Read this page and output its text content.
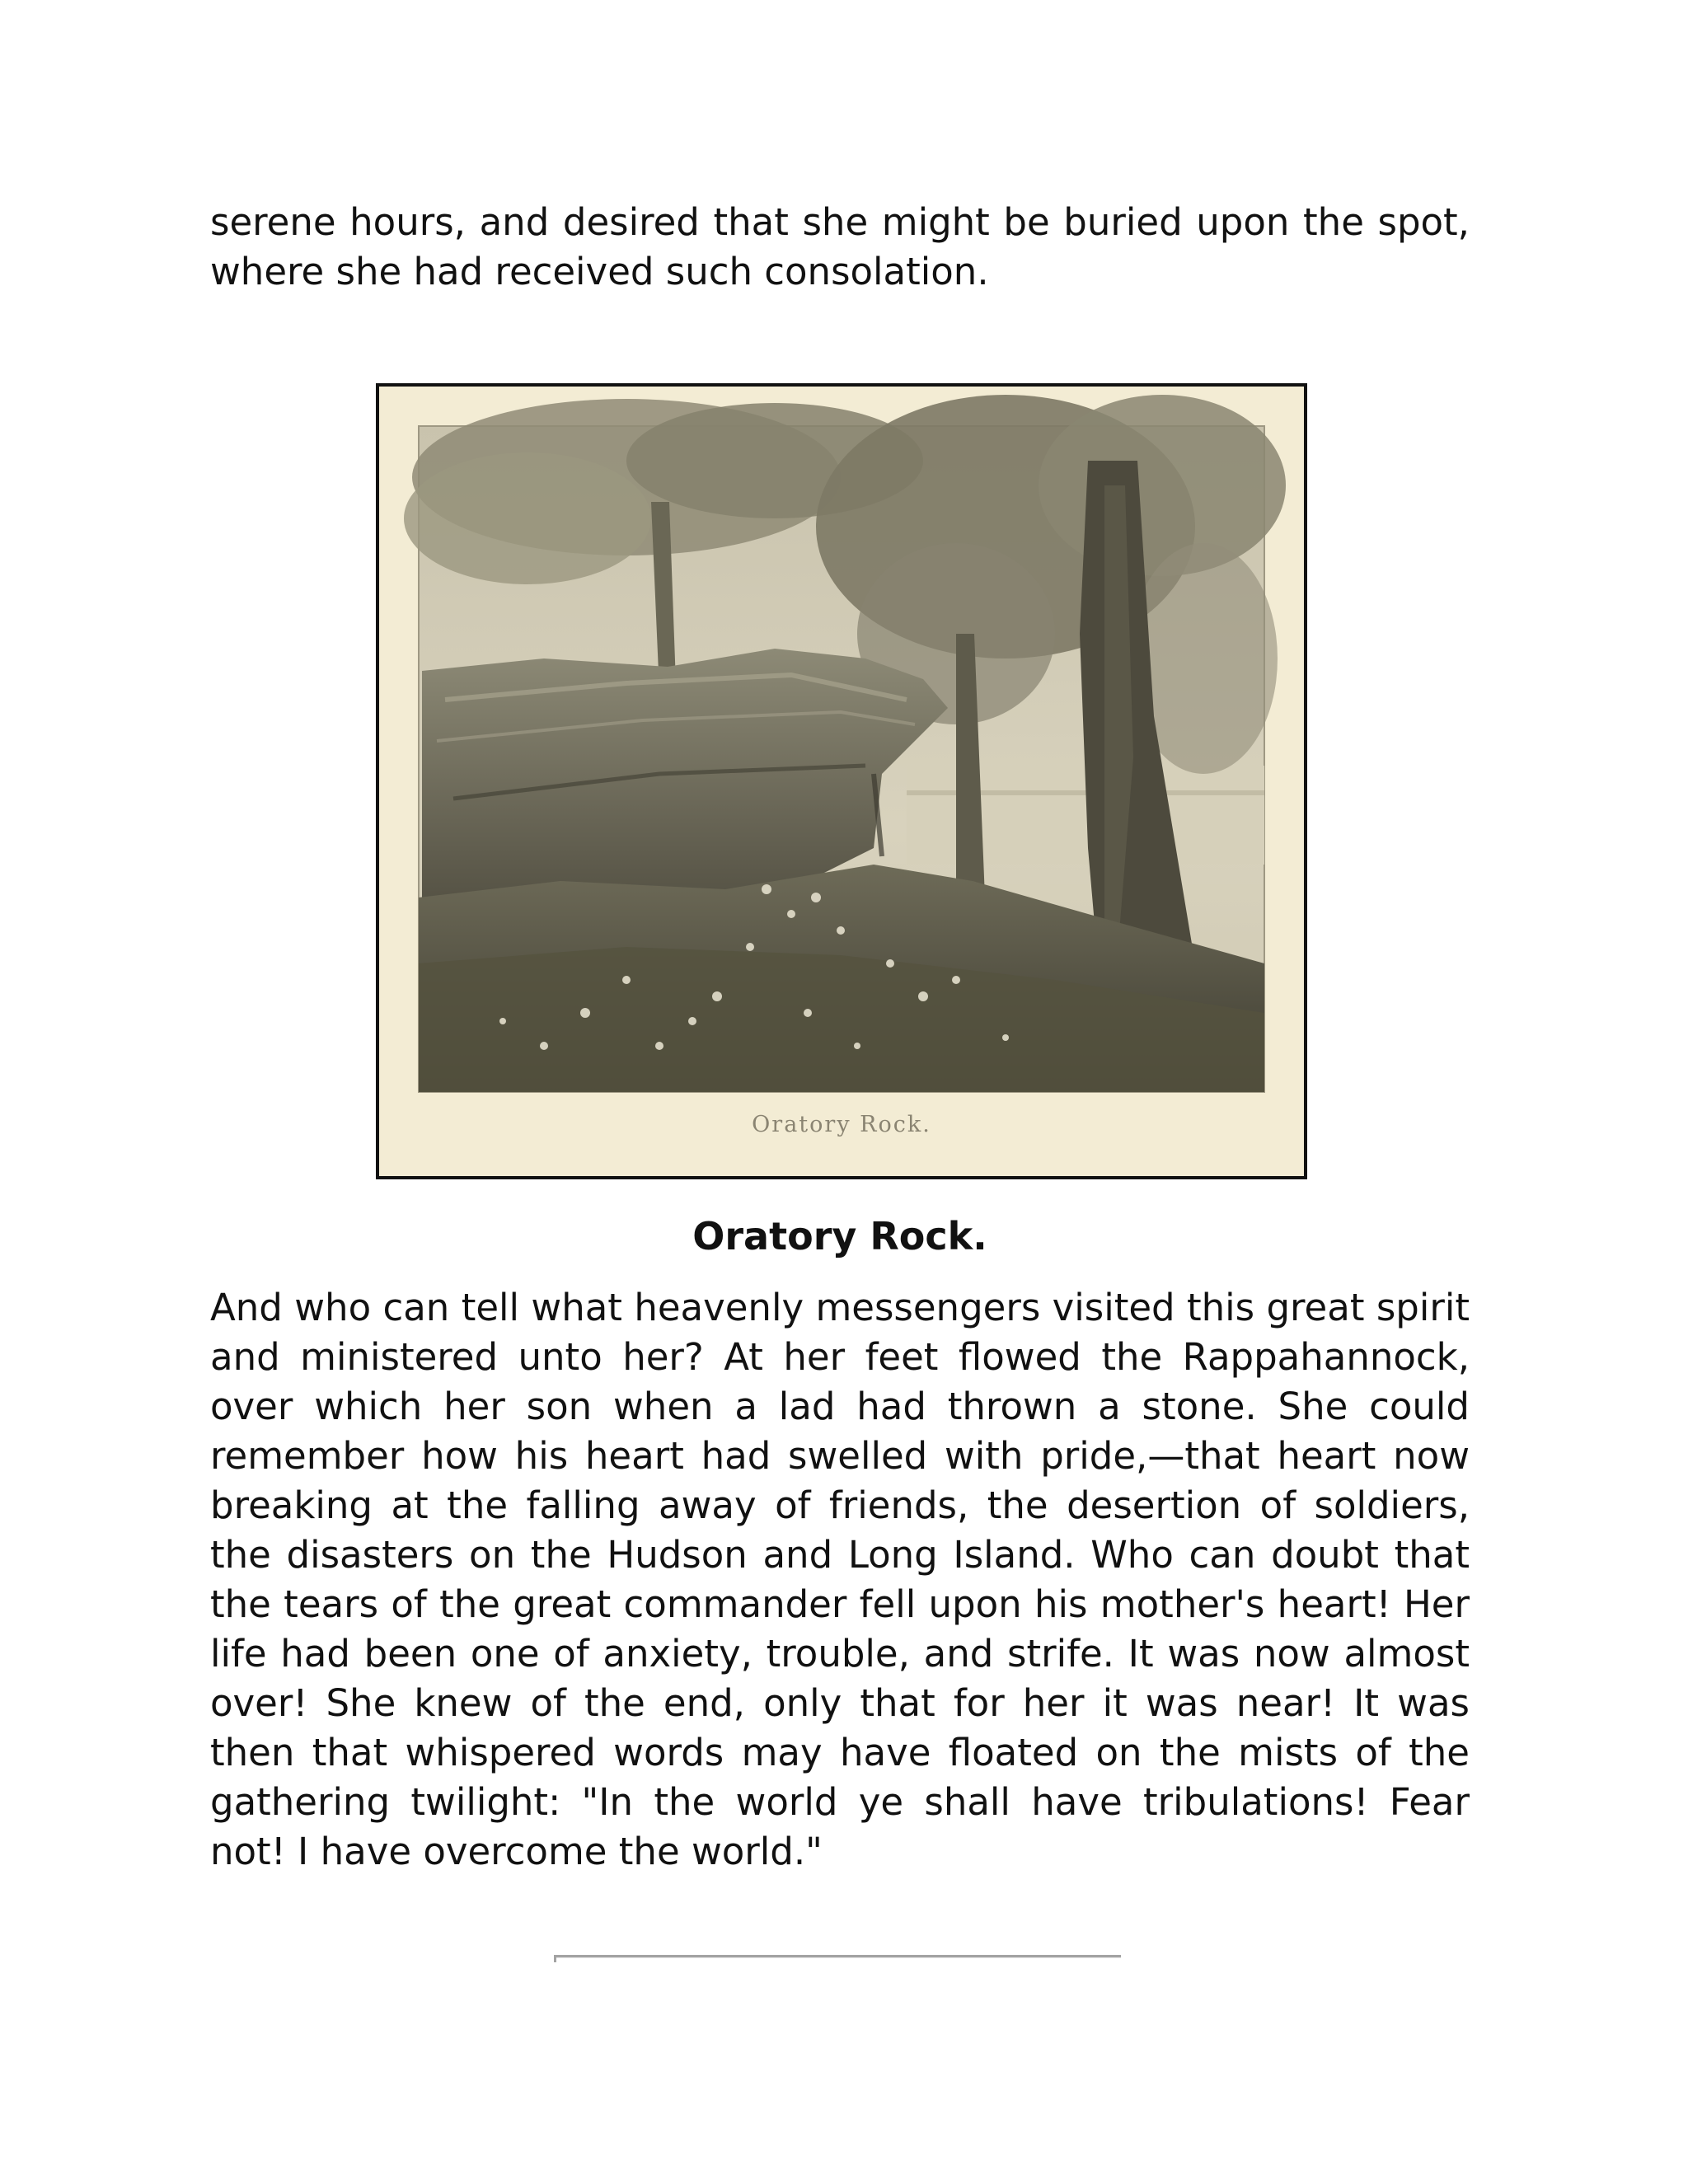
serene hours, and desired that she might be buried upon the spot, where she had received such consolation.

Oratory Rock.

Oratory Rock.

And who can tell what heavenly messengers visited this great spirit and ministered unto her? At her feet flowed the Rappahannock, over which her son when a lad had thrown a stone. She could remember how his heart had swelled with pride,—that heart now breaking at the falling away of friends, the desertion of soldiers, the disasters on the Hudson and Long Island. Who can doubt that the tears of the great commander fell upon his mother's heart! Her life had been one of anxiety, trouble, and strife. It was now almost over! She knew of the end, only that for her it was near! It was then that whispered words may have floated on the mists of the gathering twilight: "In the world ye shall have tribulations! Fear not! I have overcome the world."
